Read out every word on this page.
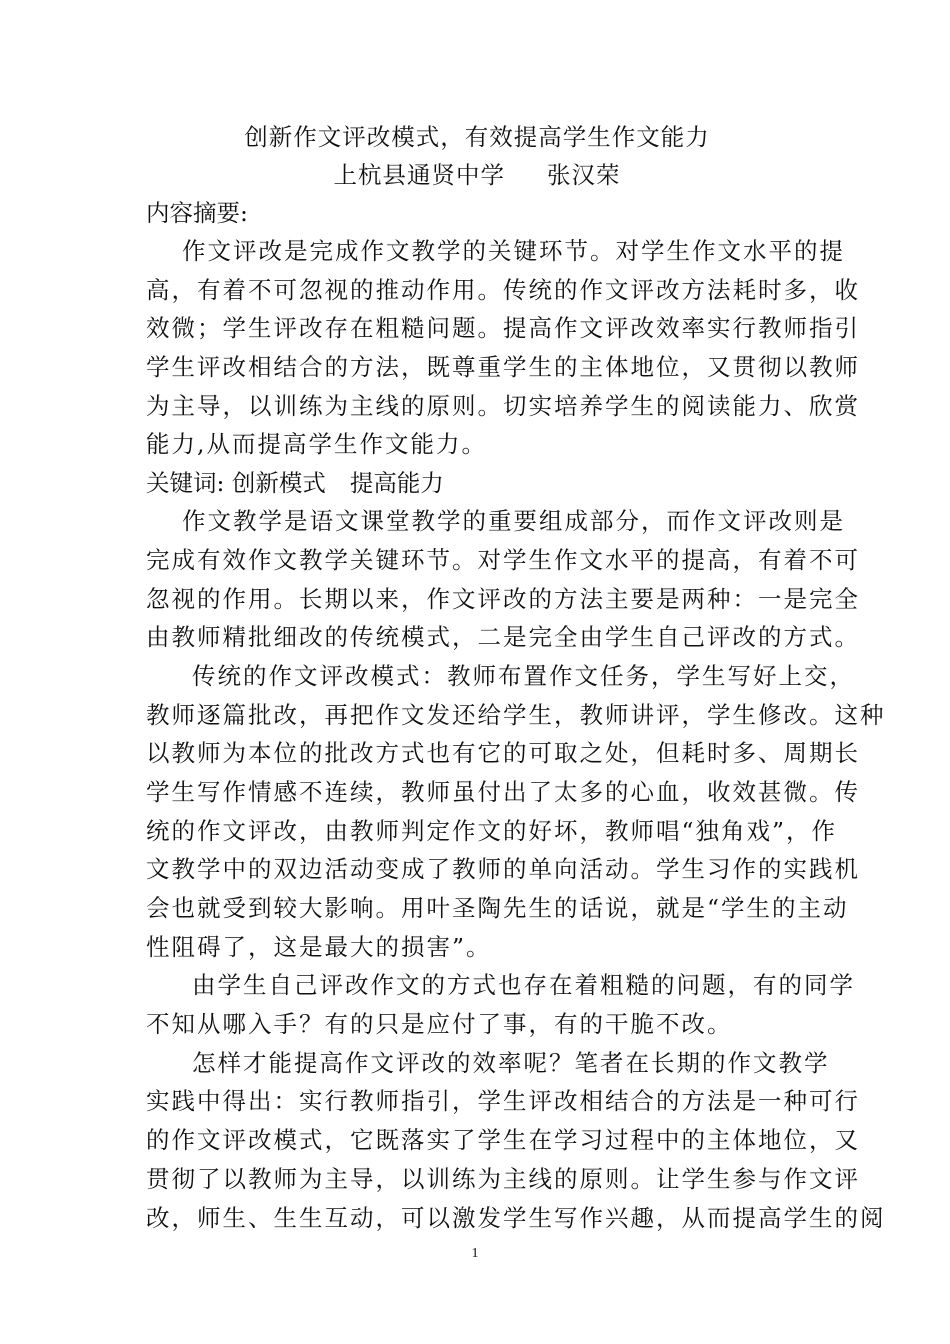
创新作文评改模式，有效提高学生作文能力
上杭县通贤中学 张汉荣
内容摘要:
作文评改是完成作文教学的关键环节。对学生作文水平的提
高，有着不可忽视的推动作用。传统的作文评改方法耗时多，收
效微；学生评改存在粗糙问题。提高作文评改效率实行教师指引
学生评改相结合的方法，既尊重学生的主体地位，又贯彻以教师
为主导，以训练为主线的原则。切实培养学生的阅读能力、欣赏
能力,从而提高学生作文能力。
关键词: 创新模式 提高能力
作文教学是语文课堂教学的重要组成部分，而作文评改则是
完成有效作文教学关键环节。对学生作文水平的提高，有着不可
忽视的作用。长期以来，作文评改的方法主要是两种：一是完全
由教师精批细改的传统模式，二是完全由学生自己评改的方式。
传统的作文评改模式：教师布置作文任务，学生写好上交，
教师逐篇批改，再把作文发还给学生，教师讲评，学生修改。这种
以教师为本位的批改方式也有它的可取之处，但耗时多、周期长
学生写作情感不连续，教师虽付出了太多的心血，收效甚微。传
统的作文评改，由教师判定作文的好坏，教师唱“独角戏”，作
文教学中的双边活动变成了教师的单向活动。学生习作的实践机
会也就受到较大影响。用叶圣陶先生的话说，就是“学生的主动
性阻碍了，这是最大的损害”。
由学生自己评改作文的方式也存在着粗糙的问题，有的同学
不知从哪入手？有的只是应付了事，有的干脆不改。
怎样才能提高作文评改的效率呢？笔者在长期的作文教学
实践中得出：实行教师指引，学生评改相结合的方法是一种可行
的作文评改模式，它既落实了学生在学习过程中的主体地位，又
贯彻了以教师为主导，以训练为主线的原则。让学生参与作文评
改，师生、生生互动，可以激发学生写作兴趣，从而提高学生的阅
1
